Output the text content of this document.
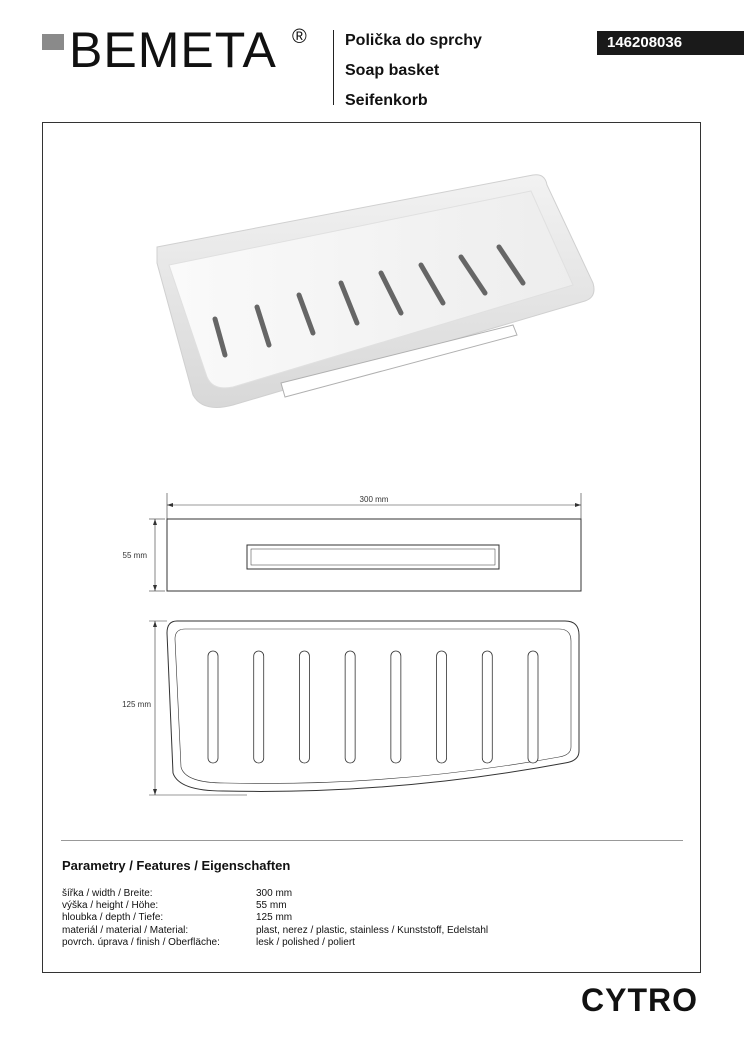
BEMETA ® Polička do sprchy
Soap basket
Seifenkorb
146208036
300 mm
55 mm
125 mm
Parametry / Features / Eigenschaften
šířka / width / Breite:	300 mm
výška / height / Höhe:	55 mm
hloubka / depth / Tiefe:	125 mm
materiál / material / Material:	plast, nerez / plastic, stainless / Kunststoff, Edelstahl
povrch. úprava / finish / Oberfläche:	lesk / polished / poliert
CYTRO
